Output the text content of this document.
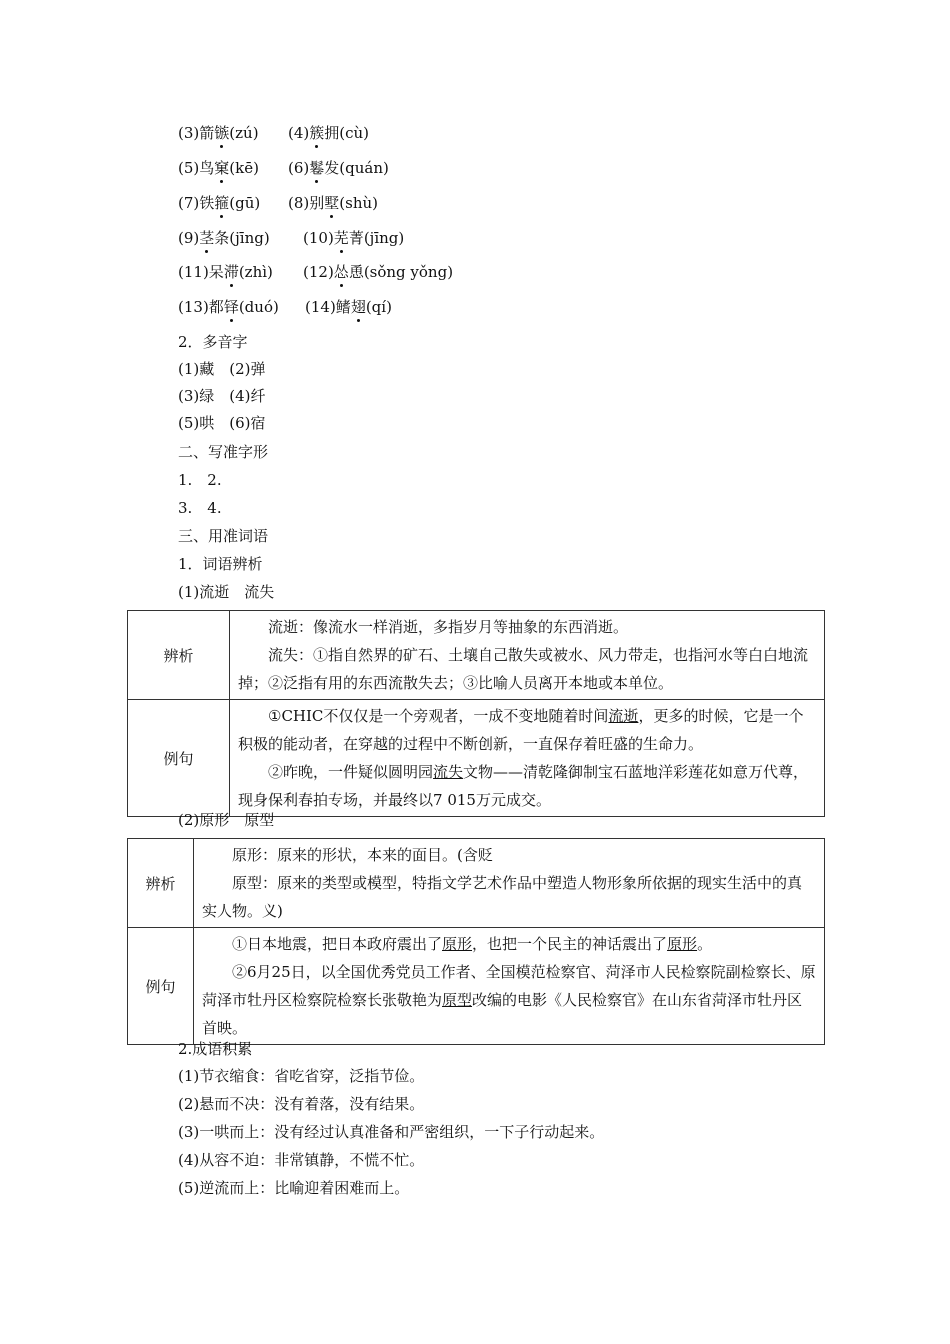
(3)箭镞(zú) (4)簇拥(cù)
(5)鸟窠(kē) (6)鬈发(quán)
(7)铁箍(gū) (8)别墅(shù)
(9)茎条(jīng) (10)芜菁(jīng)
(11)呆滞(zhì) (12)怂恿(sǒng yǒng)
(13)都铎(duó) (14)鳍翅(qí)
2．多音字
(1)藏　(2)弹
(3)绿　(4)纤
(5)哄　(6)宿
二、写准字形
1.　2.
3.　4.
三、用准词语
1．词语辨析
(1)流逝　流失
辨析	流逝：像流水一样消逝，多指岁月等抽象的东西消逝。
流失：①指自然界的矿石、土壤自己散失或被水、风力带走，也指河水等白白地流掉；②泛指有用的东西流散失去；③比喻人员离开本地或本单位。

例句	①CHIC不仅仅是一个旁观者，一成不变地随着时间流逝，更多的时候，它是一个积极的能动者，在穿越的过程中不断创新，一直保存着旺盛的生命力。
②昨晚，一件疑似圆明园流失文物——清乾隆御制宝石蓝地洋彩莲花如意万代尊，现身保利春拍专场，并最终以7 015万元成交。
(2)原形　原型
辨析	原形：原来的形状，本来的面目。(含贬
原型：原来的类型或模型，特指文学艺术作品中塑造人物形象所依据的现实生活中的真实人物。义)

例句	①日本地震，把日本政府震出了原形，也把一个民主的神话震出了原形。
②6月25日，以全国优秀党员工作者、全国模范检察官、菏泽市人民检察院副检察长、原菏泽市牡丹区检察院检察长张敬艳为原型改编的电影《人民检察官》在山东省菏泽市牡丹区首映。
2.成语积累
(1)节衣缩食：省吃省穿，泛指节俭。
(2)悬而不决：没有着落，没有结果。
(3)一哄而上：没有经过认真准备和严密组织，一下子行动起来。
(4)从容不迫：非常镇静，不慌不忙。
(5)逆流而上：比喻迎着困难而上。
